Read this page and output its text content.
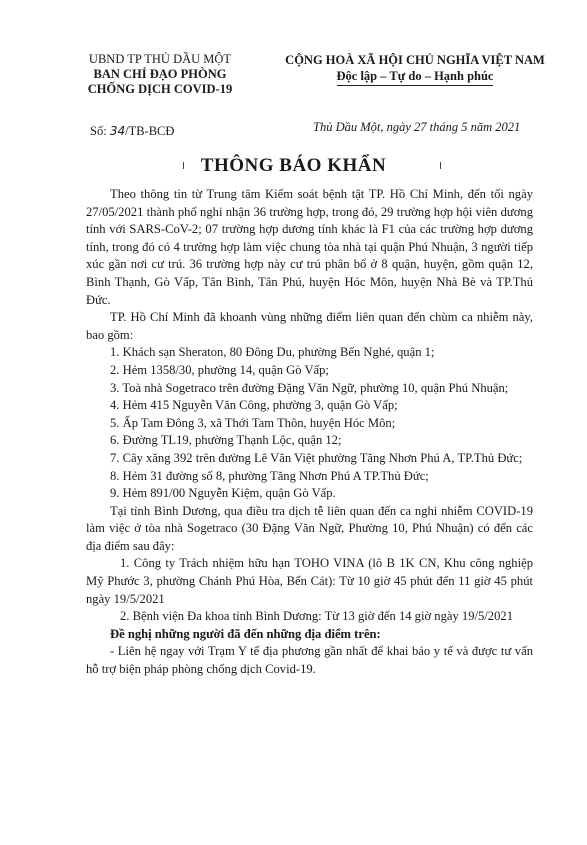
UBND TP THỦ DẦU MỘT
BAN CHỈ ĐẠO PHÒNG
CHỐNG DỊCH COVID-19
CỘNG HOÀ XÃ HỘI CHỦ NGHĨA VIỆT NAM
Độc lập – Tự do – Hạnh phúc
Số: 34/TB-BCĐ	Thủ Dầu Một, ngày 27 tháng 5 năm 2021
THÔNG BÁO KHẨN

Theo thông tin từ Trung tâm Kiểm soát bệnh tật TP. Hồ Chí Minh, đến tối ngày 27/05/2021 thành phố nghi nhận 36 trường hợp, trong đó, 29 trường hợp hội viên dương tính với SARS-CoV-2; 07 trường hợp dương tính khác là F1 của các trường hợp dương tính, trong đó có 4 trường hợp làm việc chung tòa nhà tại quận Phú Nhuận, 3 người tiếp xúc gần nơi cư trú. 36 trường hợp này cư trú phân bổ ở 8 quận, huyện, gồm quận 12, Bình Thạnh, Gò Vấp, Tân Bình, Tân Phú, huyện Hóc Môn, huyện Nhà Bè và TP.Thủ Đức.

TP. Hồ Chí Minh đã khoanh vùng những điểm liên quan đến chùm ca nhiễm này, bao gồm:

1. Khách sạn Sheraton, 80 Đông Du, phường Bến Nghé, quận 1;

2. Hẻm 1358/30, phường 14, quận Gò Vấp;

3. Toà nhà Sogetraco trên đường Đặng Văn Ngữ, phường 10, quận Phú Nhuận;

4. Hẻm 415 Nguyễn Văn Công, phường 3, quận Gò Vấp;

5. Ấp Tam Đông 3, xã Thới Tam Thôn, huyện Hóc Môn;

6. Đường TL19, phường Thạnh Lộc, quận 12;

7. Cây xăng 392 trên đường Lê Văn Việt phường Tăng Nhơn Phú A, TP.Thủ Đức;

8. Hẻm 31 đường số 8, phường Tăng Nhơn Phú A TP.Thủ Đức;

9. Hẻm 891/00 Nguyễn Kiệm, quận Gò Vấp.

Tại tỉnh Bình Dương, qua điều tra dịch tễ liên quan đến ca nghi nhiễm COVID-19 làm việc ở tòa nhà Sogetraco (30 Đặng Văn Ngữ, Phường 10, Phú Nhuận) có đến các địa điểm sau đây:

1. Công ty Trách nhiệm hữu hạn TOHO VINA (lô B 1K CN, Khu công nghiệp Mỹ Phước 3, phường Chánh Phú Hòa, Bến Cát): Từ 10 giờ 45 phút đến 11 giờ 45 phút ngày 19/5/2021

2. Bệnh viện Đa khoa tỉnh Bình Dương: Từ 13 giờ đến 14 giờ ngày 19/5/2021

Đề nghị những người đã đến những địa điểm trên:

- Liên hệ ngay với Trạm Y tế địa phương gần nhất để khai báo y tế và được tư vấn hỗ trợ biện pháp phòng chống dịch Covid-19.
